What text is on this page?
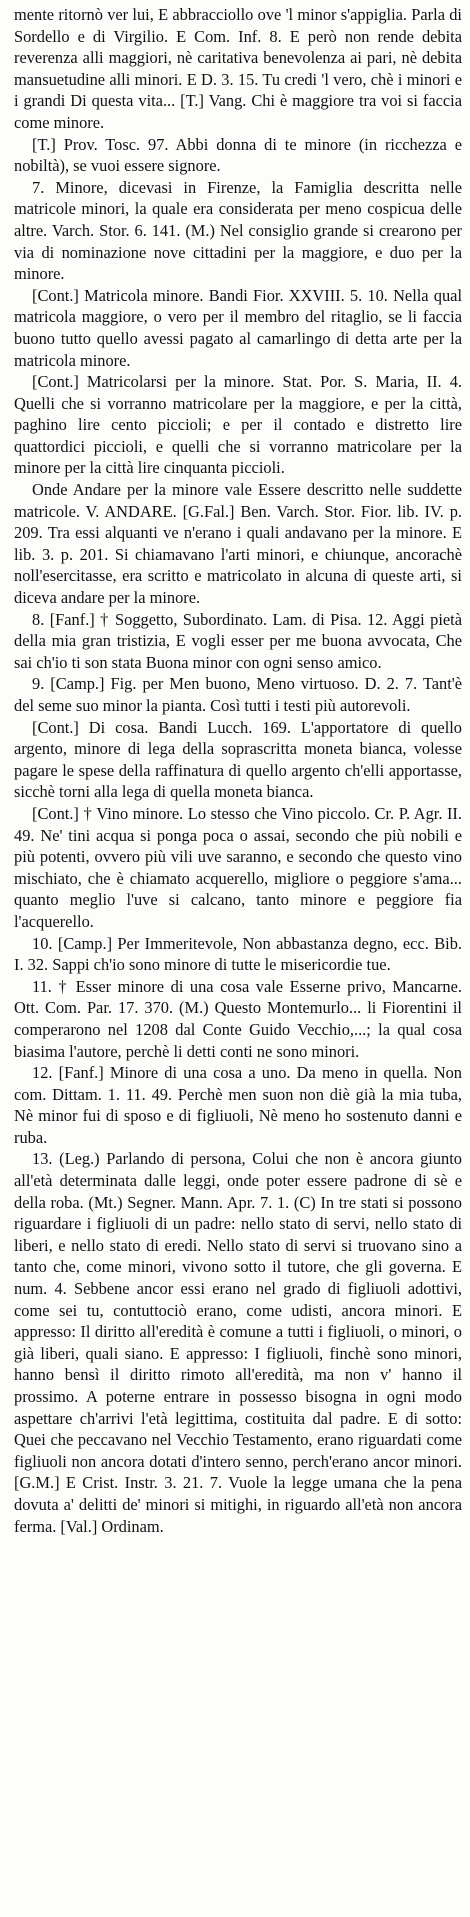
mente ritornò ver lui, E abbracciollo ove 'l minor s'appiglia. Parla di Sordello e di Virgilio. E Com. Inf. 8. E però non rende debita reverenza alli maggiori, nè caritativa benevolenza ai pari, nè debita mansuetudine alli minori. E D. 3. 15. Tu credi 'l vero, chè i minori e i grandi Di questa vita... [T.] Vang. Chi è maggiore tra voi si faccia come minore.

[T.] Prov. Tosc. 97. Abbi donna di te minore (in ricchezza e nobiltà), se vuoi essere signore.

7. Minore, dicevasi in Firenze, la Famiglia descritta nelle matricole minori, la quale era considerata per meno cospicua delle altre. Varch. Stor. 6. 141. (M.) Nel consiglio grande si crearono per via di nominazione nove cittadini per la maggiore, e duo per la minore.

[Cont.] Matricola minore. Bandi Fior. XXVIII. 5. 10. Nella qual matricola maggiore, o vero per il membro del ritaglio, se li faccia buono tutto quello avessi pagato al camarlingo di detta arte per la matricola minore.

[Cont.] Matricolarsi per la minore. Stat. Por. S. Maria, II. 4. Quelli che si vorranno matricolare per la maggiore, e per la città, paghino lire cento piccioli; e per il contado e distretto lire quattordici piccioli, e quelli che si vorranno matricolare per la minore per la città lire cinquanta piccioli.

Onde Andare per la minore vale Essere descritto nelle suddette matricole. V. ANDARE. [G.Fal.] Ben. Varch. Stor. Fior. lib. IV. p. 209. Tra essi alquanti ve n'erano i quali andavano per la minore. E lib. 3. p. 201. Si chiamavano l'arti minori, e chiunque, ancorachè noll'esercitasse, era scritto e matricolato in alcuna di queste arti, si diceva andare per la minore.

8. [Fanf.] † Soggetto, Subordinato. Lam. di Pisa. 12. Aggi pietà della mia gran tristizia, E vogli esser per me buona avvocata, Che sai ch'io ti son stata Buona minor con ogni senso amico.

9. [Camp.] Fig. per Men buono, Meno virtuoso. D. 2. 7. Tant'è del seme suo minor la pianta. Così tutti i testi più autorevoli.

[Cont.] Di cosa. Bandi Lucch. 169. L'apportatore di quello argento, minore di lega della soprascritta moneta bianca, volesse pagare le spese della raffinatura di quello argento ch'elli apportasse, sicchè torni alla lega di quella moneta bianca.

[Cont.] † Vino minore. Lo stesso che Vino piccolo. Cr. P. Agr. II. 49. Ne' tini acqua si ponga poca o assai, secondo che più nobili e più potenti, ovvero più vili uve saranno, e secondo che questo vino mischiato, che è chiamato acquerello, migliore o peggiore s'ama... quanto meglio l'uve si calcano, tanto minore e peggiore fia l'acquerello.

10. [Camp.] Per Immeritevole, Non abbastanza degno, ecc. Bib. I. 32. Sappi ch'io sono minore di tutte le misericordie tue.

11. † Esser minore di una cosa vale Esserne privo, Mancarne. Ott. Com. Par. 17. 370. (M.) Questo Montemurlo... li Fiorentini il comperarono nel 1208 dal Conte Guido Vecchio,...; la qual cosa biasima l'autore, perchè li detti conti ne sono minori.

12. [Fanf.] Minore di una cosa a uno. Da meno in quella. Non com. Dittam. 1. 11. 49. Perchè men suon non diè già la mia tuba, Nè minor fui di sposo e di figliuoli, Nè meno ho sostenuto danni e ruba.

13. (Leg.) Parlando di persona, Colui che non è ancora giunto all'età determinata dalle leggi, onde poter essere padrone di sè e della roba. (Mt.) Segner. Mann. Apr. 7. 1. (C) In tre stati si possono riguardare i figliuoli di un padre: nello stato di servi, nello stato di liberi, e nello stato di eredi. Nello stato di servi si truovano sino a tanto che, come minori, vivono sotto il tutore, che gli governa. E num. 4. Sebbene ancor essi erano nel grado di figliuoli adottivi, come sei tu, contuttociò erano, come udisti, ancora minori. E appresso: Il diritto all'eredità è comune a tutti i figliuoli, o minori, o già liberi, quali siano. E appresso: I figliuoli, finchè sono minori, hanno bensì il diritto rimoto all'eredità, ma non v' hanno il prossimo. A poterne entrare in possesso bisogna in ogni modo aspettare ch'arrivi l'età legittima, costituita dal padre. E di sotto: Quei che peccavano nel Vecchio Testamento, erano riguardati come figliuoli non ancora dotati d'intero senno, perch'erano ancor minori. [G.M.] E Crist. Instr. 3. 21. 7. Vuole la legge umana che la pena dovuta a' delitti de' minori si mitighi, in riguardo all'età non ancora ferma. [Val.] Ordinam.
